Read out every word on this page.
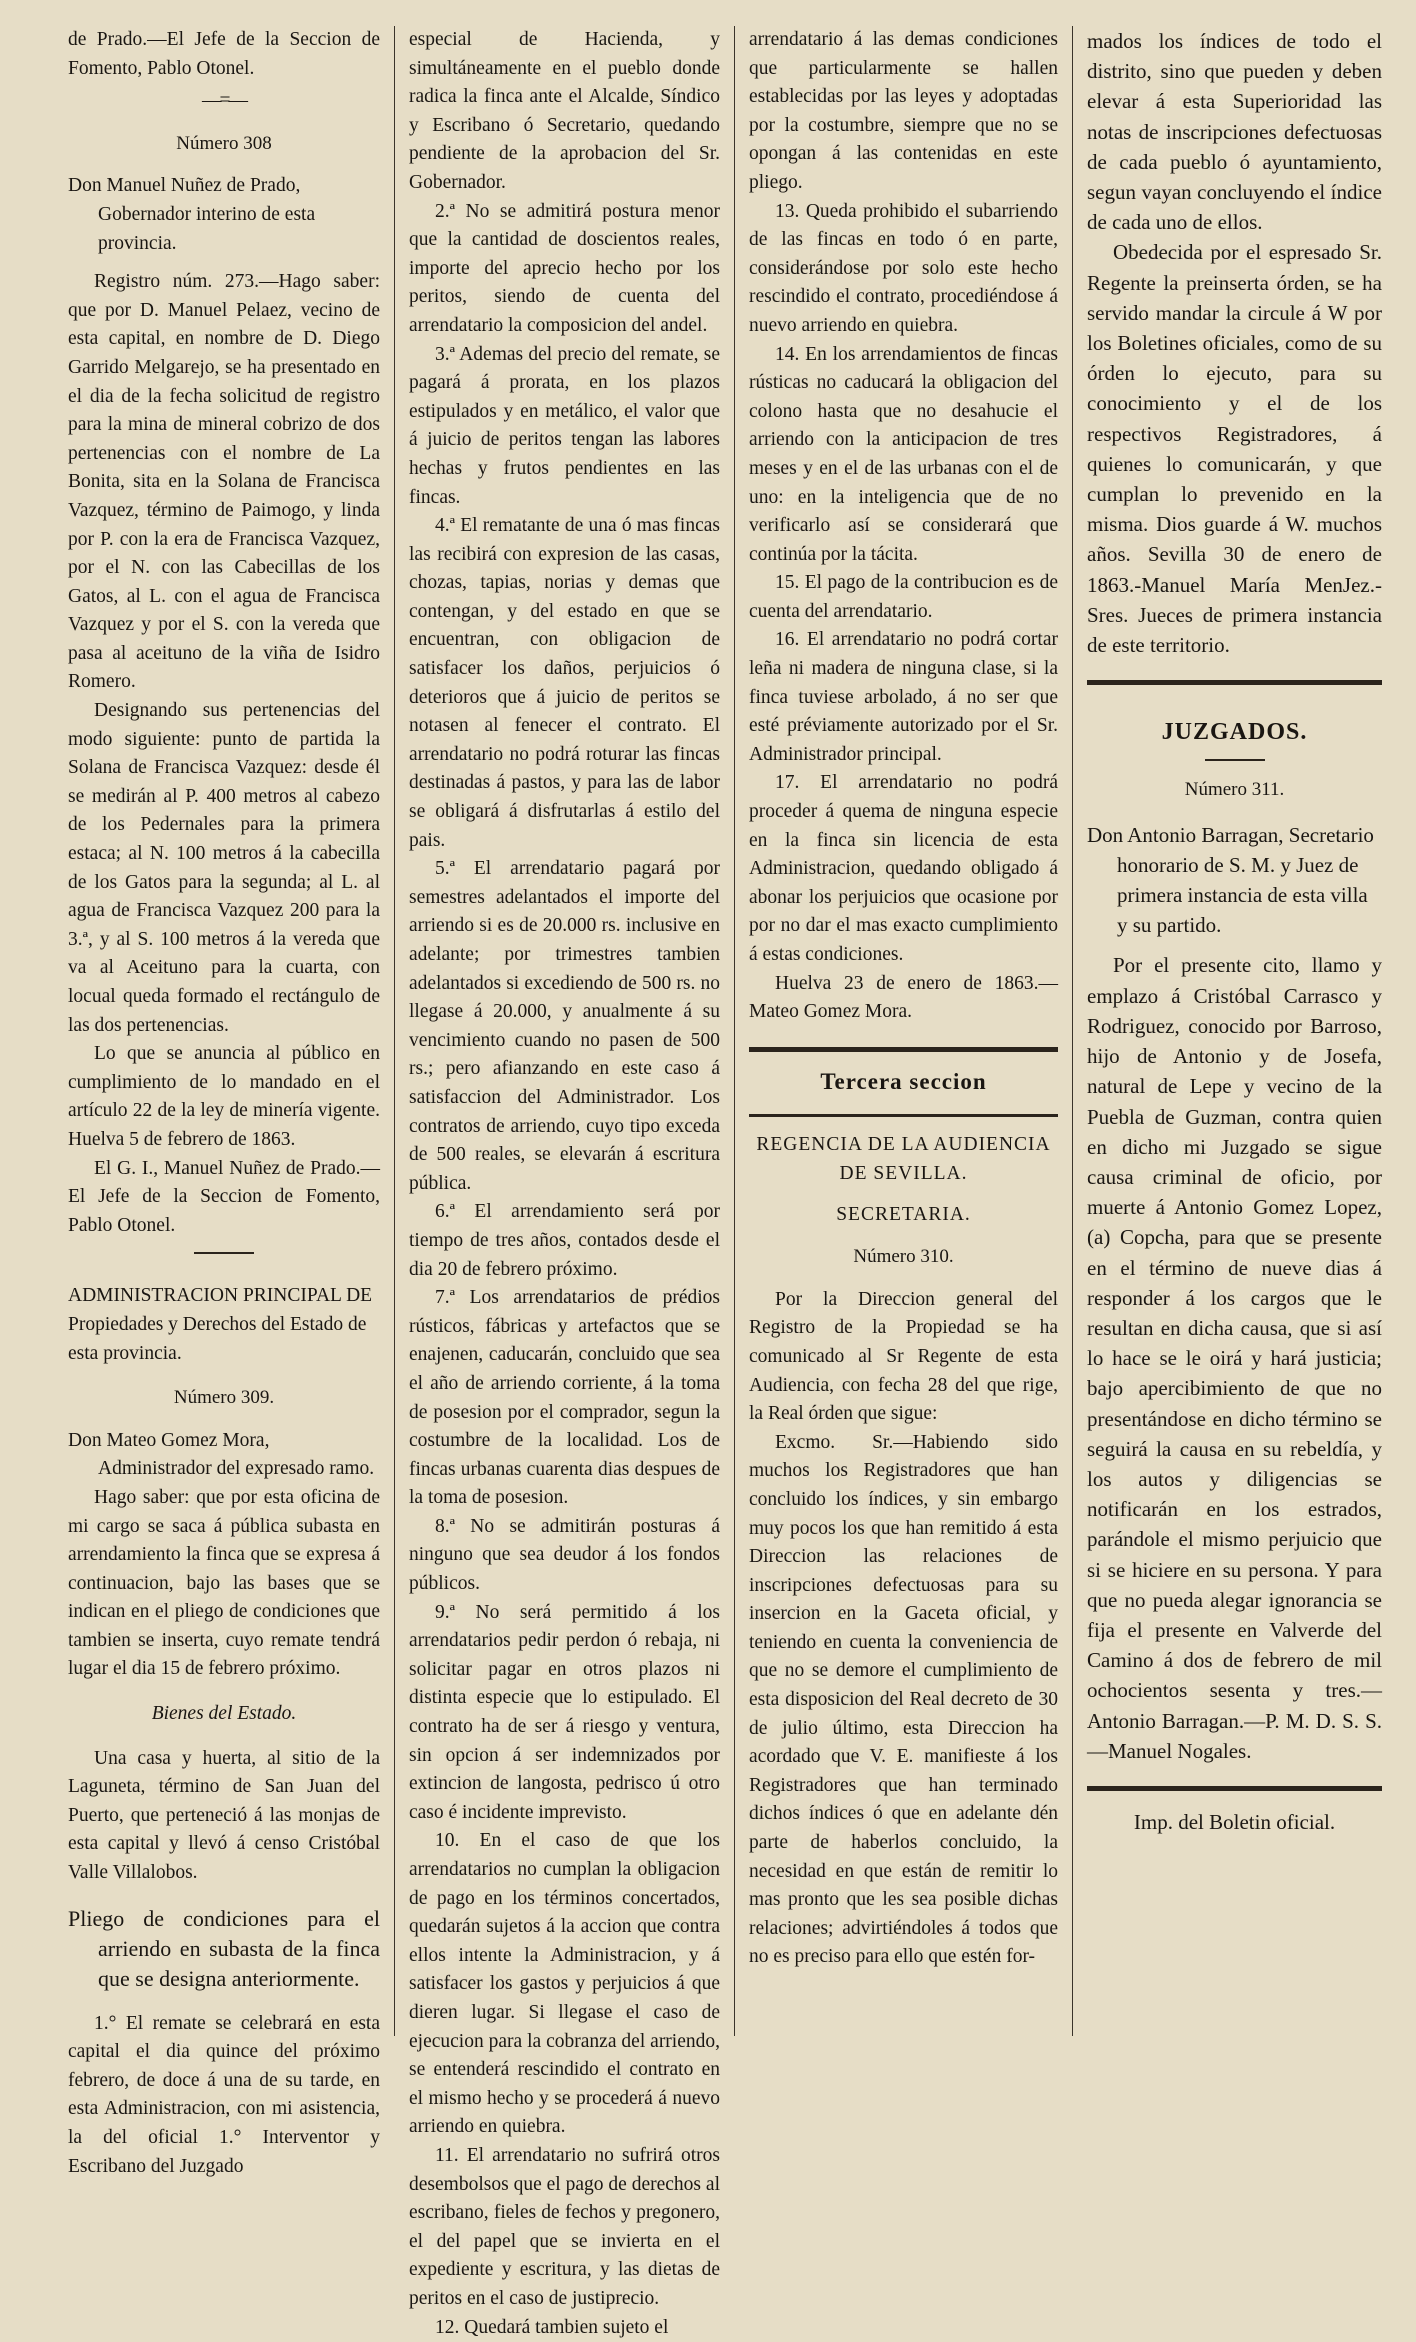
de Prado.—El Jefe de la Seccion de Fomento, Pablo Otonel.

—=—
Número 308

Don Manuel Nuñez de Prado, Gobernador interino de esta provincia.

Registro núm. 273.—Hago saber: que por D. Manuel Pelaez, vecino de esta capital, en nombre de D. Diego Garrido Melgarejo, se ha presentado en el dia de la fecha solicitud de registro para la mina de mineral cobrizo de dos pertenencias con el nombre de La Bonita, sita en la Solana de Francisca Vazquez, término de Paimogo, y linda por P. con la era de Francisca Vazquez, por el N. con las Cabecillas de los Gatos, al L. con el agua de Francisca Vazquez y por el S. con la vereda que pasa al aceituno de la viña de Isidro Romero.

Designando sus pertenencias del modo siguiente: punto de partida la Solana de Francisca Vazquez: desde él se medirán al P. 400 metros al cabezo de los Pedernales para la primera estaca; al N. 100 metros á la cabecilla de los Gatos para la segunda; al L. al agua de Francisca Vazquez 200 para la 3.ª, y al S. 100 metros á la vereda que va al Aceituno para la cuarta, con locual queda formado el rectángulo de las dos pertenencias.

Lo que se anuncia al público en cumplimiento de lo mandado en el artículo 22 de la ley de minería vigente. Huelva 5 de febrero de 1863.

El G. I., Manuel Nuñez de Prado.—El Jefe de la Seccion de Fomento, Pablo Otonel.

ADMINISTRACION PRINCIPAL DE Propiedades y Derechos del Estado de esta provincia.

Número 309.

Don Mateo Gomez Mora, Administrador del expresado ramo.

Hago saber: que por esta oficina de mi cargo se saca á pública subasta en arrendamiento la finca que se expresa á continuacion, bajo las bases que se indican en el pliego de condiciones que tambien se inserta, cuyo remate tendrá lugar el dia 15 de febrero próximo.

Bienes del Estado.

Una casa y huerta, al sitio de la Laguneta, término de San Juan del Puerto, que perteneció á las monjas de esta capital y llevó á censo Cristóbal Valle Villalobos.

Pliego de condiciones para el arriendo en subasta de la finca que se designa anteriormente.

1.° El remate se celebrará en esta capital el dia quince del próximo febrero, de doce á una de su tarde, en esta Administracion, con mi asistencia, la del oficial 1.° Interventor y Escribano del Juzgado

especial de Hacienda, y simultáneamente en el pueblo donde radica la finca ante el Alcalde, Síndico y Escribano ó Secretario, quedando pendiente de la aprobacion del Sr. Gobernador.

2.ª No se admitirá postura menor que la cantidad de doscientos reales, importe del aprecio hecho por los peritos, siendo de cuenta del arrendatario la composicion del andel.

3.ª Ademas del precio del remate, se pagará á prorata, en los plazos estipulados y en metálico, el valor que á juicio de peritos tengan las labores hechas y frutos pendientes en las fincas.

4.ª El rematante de una ó mas fincas las recibirá con expresion de las casas, chozas, tapias, norias y demas que contengan, y del estado en que se encuentran, con obligacion de satisfacer los daños, perjuicios ó deterioros que á juicio de peritos se notasen al fenecer el contrato. El arrendatario no podrá roturar las fincas destinadas á pastos, y para las de labor se obligará á disfrutarlas á estilo del pais.

5.ª El arrendatario pagará por semestres adelantados el importe del arriendo si es de 20.000 rs. inclusive en adelante; por trimestres tambien adelantados si excediendo de 500 rs. no llegase á 20.000, y anualmente á su vencimiento cuando no pasen de 500 rs.; pero afianzando en este caso á satisfaccion del Administrador. Los contratos de arriendo, cuyo tipo exceda de 500 reales, se elevarán á escritura pública.

6.ª El arrendamiento será por tiempo de tres años, contados desde el dia 20 de febrero próximo.

7.ª Los arrendatarios de prédios rústicos, fábricas y artefactos que se enajenen, caducarán, concluido que sea el año de arriendo corriente, á la toma de posesion por el comprador, segun la costumbre de la localidad. Los de fincas urbanas cuarenta dias despues de la toma de posesion.

8.ª No se admitirán posturas á ninguno que sea deudor á los fondos públicos.

9.ª No será permitido á los arrendatarios pedir perdon ó rebaja, ni solicitar pagar en otros plazos ni distinta especie que lo estipulado. El contrato ha de ser á riesgo y ventura, sin opcion á ser indemnizados por extincion de langosta, pedrisco ú otro caso é incidente imprevisto.

10. En el caso de que los arrendatarios no cumplan la obligacion de pago en los términos concertados, quedarán sujetos á la accion que contra ellos intente la Administracion, y á satisfacer los gastos y perjuicios á que dieren lugar. Si llegase el caso de ejecucion para la cobranza del arriendo, se entenderá rescindido el contrato en el mismo hecho y se procederá á nuevo arriendo en quiebra.

11. El arrendatario no sufrirá otros desembolsos que el pago de derechos al escribano, fieles de fechos y pregonero, el del papel que se invierta en el expediente y escritura, y las dietas de peritos en el caso de justiprecio.

12. Quedará tambien sujeto el

arrendatario á las demas condiciones que particularmente se hallen establecidas por las leyes y adoptadas por la costumbre, siempre que no se opongan á las contenidas en este pliego.

13. Queda prohibido el subarriendo de las fincas en todo ó en parte, considerándose por solo este hecho rescindido el contrato, procediéndose á nuevo arriendo en quiebra.

14. En los arrendamientos de fincas rústicas no caducará la obligacion del colono hasta que no desahucie el arriendo con la anticipacion de tres meses y en el de las urbanas con el de uno: en la inteligencia que de no verificarlo así se considerará que continúa por la tácita.

15. El pago de la contribucion es de cuenta del arrendatario.

16. El arrendatario no podrá cortar leña ni madera de ninguna clase, si la finca tuviese arbolado, á no ser que esté préviamente autorizado por el Sr. Administrador principal.

17. El arrendatario no podrá proceder á quema de ninguna especie en la finca sin licencia de esta Administracion, quedando obligado á abonar los perjuicios que ocasione por por no dar el mas exacto cumplimiento á estas condiciones.

Huelva 23 de enero de 1863.—Mateo Gomez Mora.

Tercera seccion
REGENCIA DE LA AUDIENCIA DE SEVILLA.
SECRETARIA.
Número 310.

Por la Direccion general del Registro de la Propiedad se ha comunicado al Sr Regente de esta Audiencia, con fecha 28 del que rige, la Real órden que sigue:

Excmo. Sr.—Habiendo sido muchos los Registradores que han concluido los índices, y sin embargo muy pocos los que han remitido á esta Direccion las relaciones de inscripciones defectuosas para su insercion en la Gaceta oficial, y teniendo en cuenta la conveniencia de que no se demore el cumplimiento de esta disposicion del Real decreto de 30 de julio último, esta Direccion ha acordado que V. E. manifieste á los Registradores que han terminado dichos índices ó que en adelante dén parte de haberlos concluido, la necesidad en que están de remitir lo mas pronto que les sea posible dichas relaciones; advirtiéndoles á todos que no es preciso para ello que estén for-

mados los índices de todo el distrito, sino que pueden y deben elevar á esta Superioridad las notas de inscripciones defectuosas de cada pueblo ó ayuntamiento, segun vayan concluyendo el índice de cada uno de ellos.

Obedecida por el espresado Sr. Regente la preinserta órden, se ha servido mandar la circule á W por los Boletines oficiales, como de su órden lo ejecuto, para su conocimiento y el de los respectivos Registradores, á quienes lo comunicarán, y que cumplan lo prevenido en la misma. Dios guarde á W. muchos años. Sevilla 30 de enero de 1863.-Manuel María MenJez.-Sres. Jueces de primera instancia de este territorio.

JUZGADOS.
Número 311.

Don Antonio Barragan, Secretario honorario de S. M. y Juez de primera instancia de esta villa y su partido.

Por el presente cito, llamo y emplazo á Cristóbal Carrasco y Rodriguez, conocido por Barroso, hijo de Antonio y de Josefa, natural de Lepe y vecino de la Puebla de Guzman, contra quien en dicho mi Juzgado se sigue causa criminal de oficio, por muerte á Antonio Gomez Lopez, (a) Copcha, para que se presente en el término de nueve dias á responder á los cargos que le resultan en dicha causa, que si así lo hace se le oirá y hará justicia; bajo apercibimiento de que no presentándose en dicho término se seguirá la causa en su rebeldía, y los autos y diligencias se notificarán en los estrados, parándole el mismo perjuicio que si se hiciere en su persona. Y para que no pueda alegar ignorancia se fija el presente en Valverde del Camino á dos de febrero de mil ochocientos sesenta y tres.—Antonio Barragan.—P. M. D. S. S.—Manuel Nogales.

Imp. del Boletin oficial.
